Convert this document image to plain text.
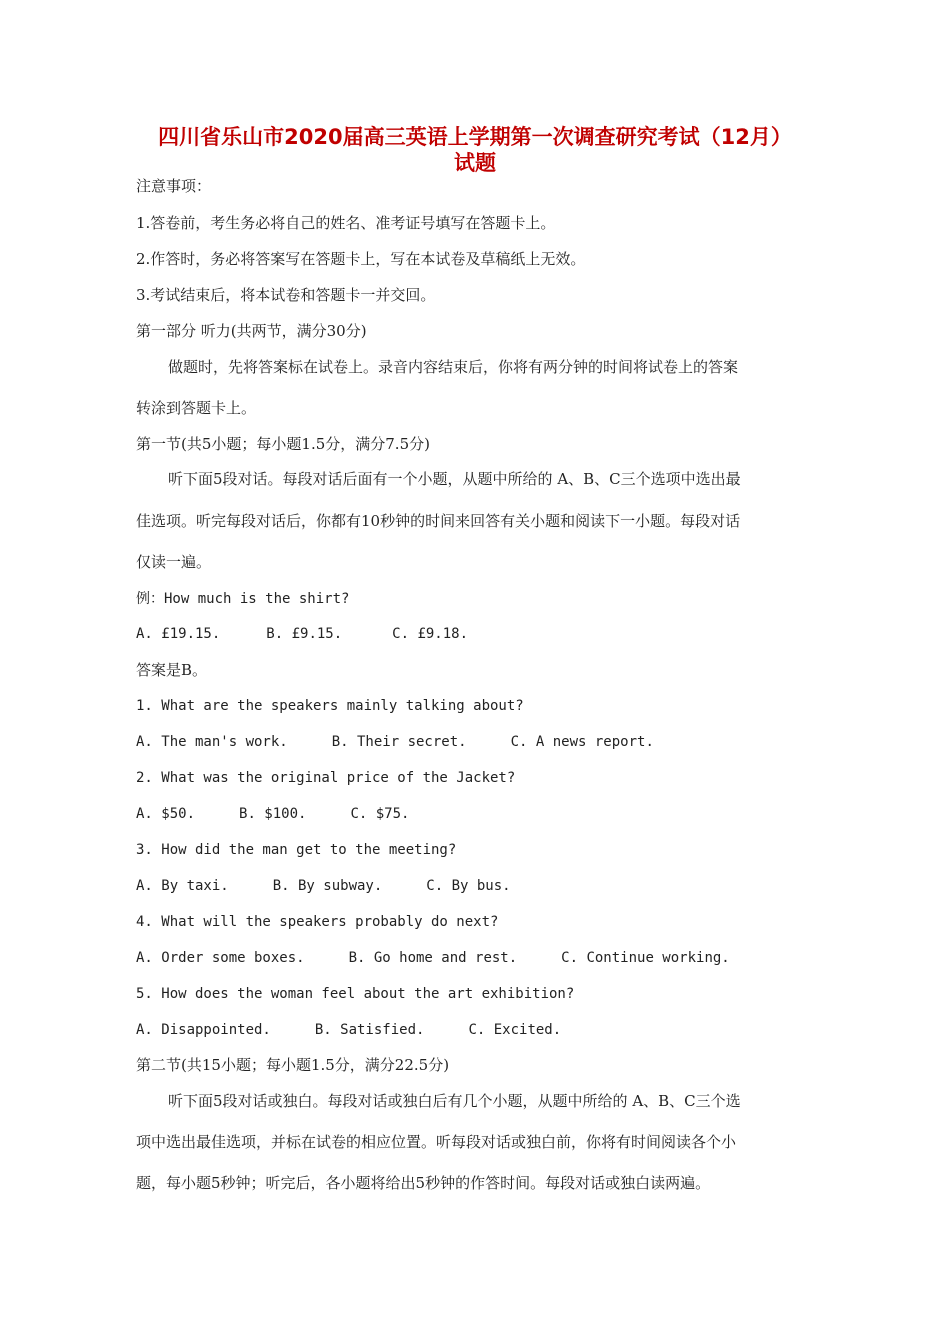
四川省乐山市2020届高三英语上学期第一次调查研究考试（12月）
试题
注意事项：
1.答卷前，考生务必将自己的姓名、准考证号填写在答题卡上。
2.作答时，务必将答案写在答题卡上，写在本试卷及草稿纸上无效。
3.考试结束后，将本试卷和答题卡一并交回。
第一部分 听力(共两节，满分30分)
做题时，先将答案标在试卷上。录音内容结束后，你将有两分钟的时间将试卷上的答案
转涂到答题卡上。
第一节(共5小题；每小题1.5分，满分7.5分)
听下面5段对话。每段对话后面有一个小题，从题中所给的 A、B、C三个选项中选出最
佳选项。听完每段对话后，你都有10秒钟的时间来回答有关小题和阅读下一小题。每段对话
仅读一遍。
例：How much is the shirt?
A. £19.15.	B. £9.15.	C. £9.18.
答案是B。
1. What are the speakers mainly talking about?
A. The man's work.	B. Their secret.	C. A news report.
2. What was the original price of the Jacket?
A. $50.	B. $100.	C. $75.
3. How did the man get to the meeting?
A. By taxi.	B. By subway.	C. By bus.
4. What will the speakers probably do next?
A. Order some boxes.	B. Go home and rest.	C. Continue working.
5. How does the woman feel about the art exhibition?
A. Disappointed.	B. Satisfied.	C. Excited.
第二节(共15小题；每小题1.5分，满分22.5分)
听下面5段对话或独白。每段对话或独白后有几个小题，从题中所给的 A、B、C三个选
项中选出最佳选项，并标在试卷的相应位置。听每段对话或独白前，你将有时间阅读各个小
题，每小题5秒钟；听完后，各小题将给出5秒钟的作答时间。每段对话或独白读两遍。
